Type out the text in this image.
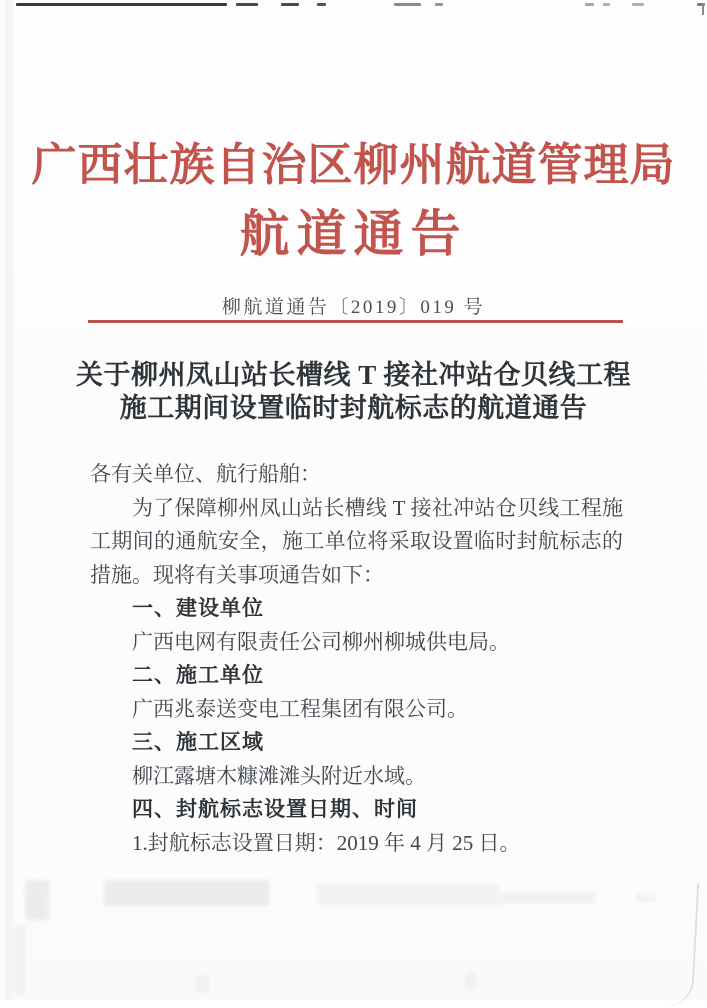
广西壮族自治区柳州航道管理局
航道通告
柳航道通告〔2019〕019 号
关于柳州凤山站长槽线 T 接社冲站仓贝线工程
施工期间设置临时封航标志的航道通告

各有关单位、航行船舶：

为了保障柳州凤山站长槽线 T 接社冲站仓贝线工程施工期间的通航安全，施工单位将采取设置临时封航标志的措施。现将有关事项通告如下：

一、建设单位

广西电网有限责任公司柳州柳城供电局。

二、施工单位

广西兆泰送变电工程集团有限公司。

三、施工区域

柳江露塘木糠滩滩头附近水域。

四、封航标志设置日期、时间

1.封航标志设置日期：2019 年 4 月 25 日。
